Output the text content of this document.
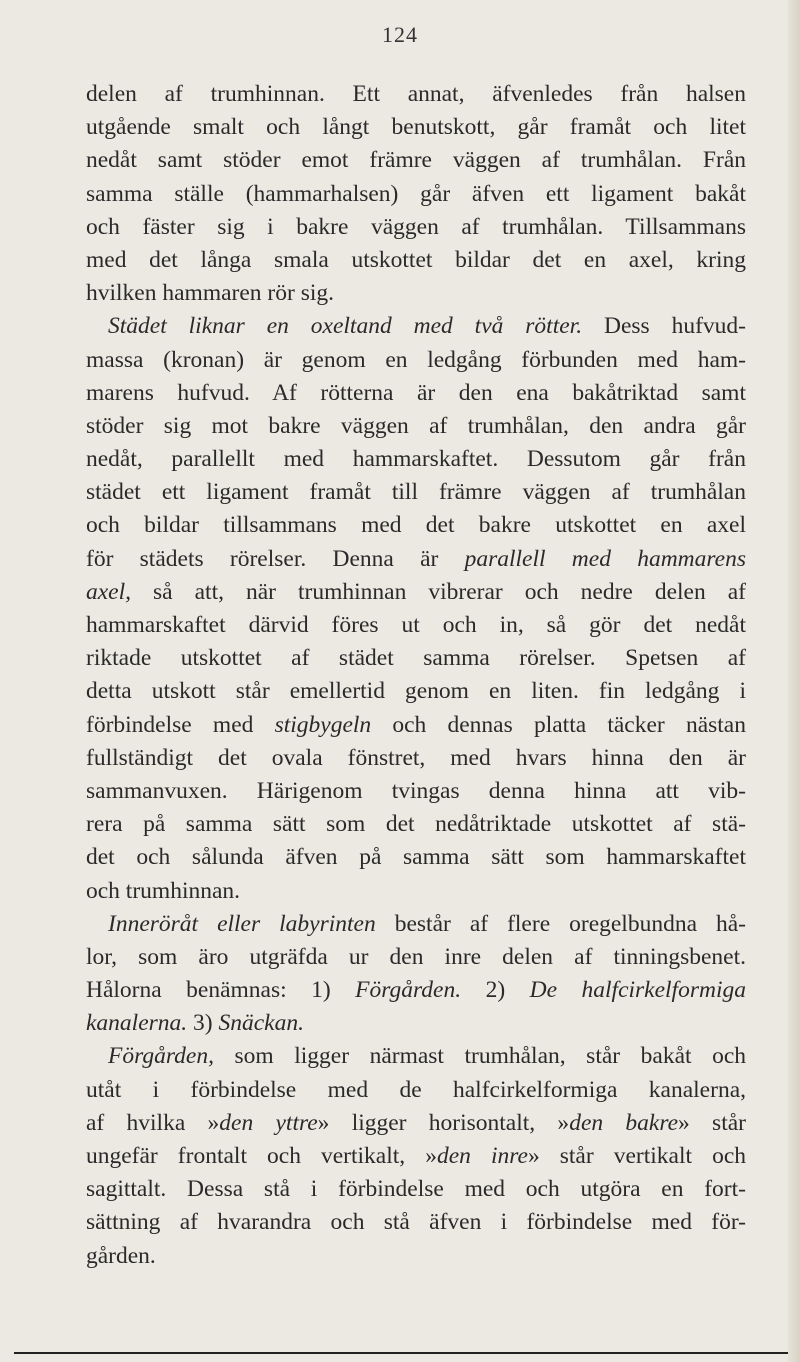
124
delen af trumhinnan. Ett annat, äfvenledes från halsen
utgående smalt och långt benutskott, går framåt och litet
nedåt samt stöder emot främre väggen af trumhålan. Från
samma ställe (hammarhalsen) går äfven ett ligament bakåt
och fäster sig i bakre väggen af trumhålan. Tillsammans
med det långa smala utskottet bildar det en axel, kring
hvilken hammaren rör sig.
Städet liknar en oxeltand med två rötter. Dess hufvud-
massa (kronan) är genom en ledgång förbunden med ham-
marens hufvud. Af rötterna är den ena bakåtriktad samt
stöder sig mot bakre väggen af trumhålan, den andra går
nedåt, parallellt med hammarskaftet. Dessutom går från
städet ett ligament framåt till främre väggen af trumhålan
och bildar tillsammans med det bakre utskottet en axel
för städets rörelser. Denna är parallell med hammarens
axel, så att, när trumhinnan vibrerar och nedre delen af
hammarskaftet därvid föres ut och in, så gör det nedåt
riktade utskottet af städet samma rörelser. Spetsen af
detta utskott står emellertid genom en liten. fin ledgång i
förbindelse med stigbygeln och dennas platta täcker nästan
fullständigt det ovala fönstret, med hvars hinna den är
sammanvuxen. Härigenom tvingas denna hinna att vib-
rera på samma sätt som det nedåtriktade utskottet af stä-
det och sålunda äfven på samma sätt som hammarskaftet
och trumhinnan.
Inneröråt eller labyrinten består af flere oregelbundna hå-
lor, som äro utgräfda ur den inre delen af tinningsbenet.
Hålorna benämnas: 1) Förgården. 2) De halfcirkelformiga
kanalerna. 3) Snäckan.
Förgården, som ligger närmast trumhålan, står bakåt och
utåt i förbindelse med de halfcirkelformiga kanalerna,
af hvilka »den yttre» ligger horisontalt, »den bakre» står
ungefär frontalt och vertikalt, »den inre» står vertikalt och
sagittalt. Dessa stå i förbindelse med och utgöra en fort-
sättning af hvarandra och stå äfven i förbindelse med för-
gården.
